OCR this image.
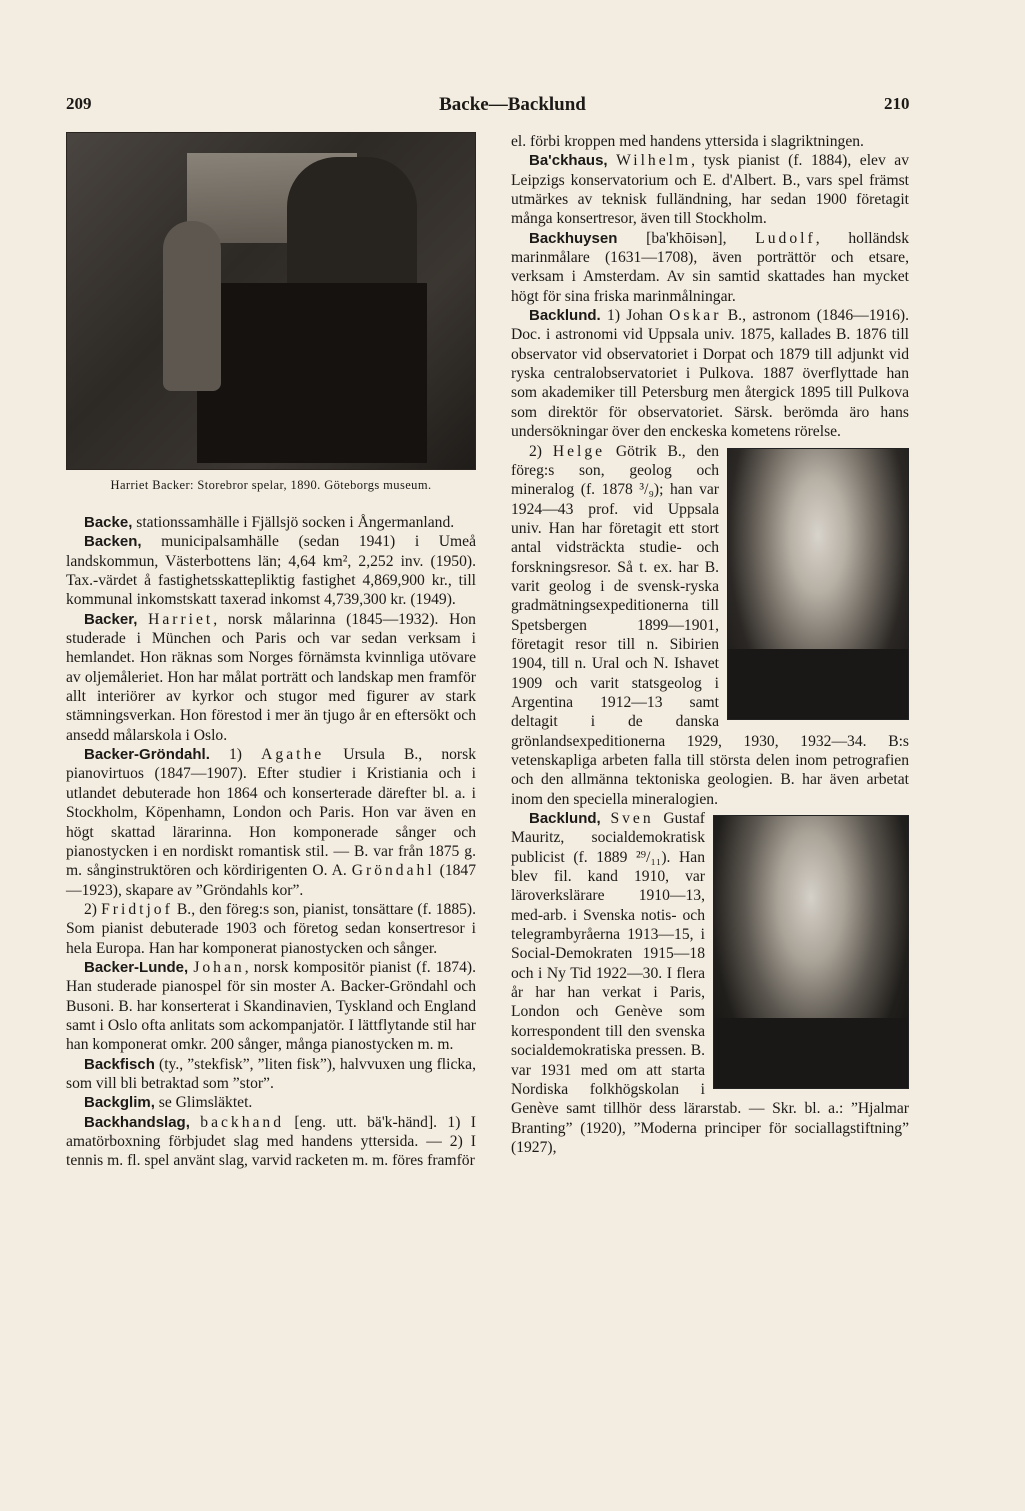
209	Backe—Backlund	210
Harriet Backer: Storebror spelar, 1890. Göteborgs museum.

Backe, stationssamhälle i Fjällsjö socken i Ångermanland.

Backen, municipalsamhälle (sedan 1941) i Umeå landskommun, Västerbottens län; 4,64 km², 2,252 inv. (1950). Tax.-värdet å fastighetsskattepliktig fastighet 4,869,900 kr., till kommunal inkomstskatt taxerad inkomst 4,739,300 kr. (1949).

Backer, Harriet, norsk målarinna (1845—1932). Hon studerade i München och Paris och var sedan verksam i hemlandet. Hon räknas som Norges förnämsta kvinnliga utövare av oljemåleriet. Hon har målat porträtt och landskap men framför allt interiörer av kyrkor och stugor med figurer av stark stämningsverkan. Hon förestod i mer än tjugo år en eftersökt och ansedd målarskola i Oslo.

Backer-Gröndahl. 1) Agathe Ursula B., norsk pianovirtuos (1847—1907). Efter studier i Kristiania och i utlandet debuterade hon 1864 och konserterade därefter bl. a. i Stockholm, Köpenhamn, London och Paris. Hon var även en högt skattad lärarinna. Hon komponerade sånger och pianostycken i en nordiskt romantisk stil. — B. var från 1875 g. m. sånginstruktören och kördirigenten O. A. Gröndahl (1847—1923), skapare av ”Gröndahls kor”.

2) Fridtjof B., den föreg:s son, pianist, tonsättare (f. 1885). Som pianist debuterade 1903 och företog sedan konsertresor i hela Europa. Han har komponerat pianostycken och sånger.

Backer-Lunde, Johan, norsk kompositör pianist (f. 1874). Han studerade pianospel för sin moster A. Backer-Gröndahl och Busoni. B. har konserterat i Skandinavien, Tyskland och England samt i Oslo ofta anlitats som ackompanjatör. I lättflytande stil har han komponerat omkr. 200 sånger, många pianostycken m. m.

Backfisch (ty., ”stekfisk”, ”liten fisk”), halvvuxen ung flicka, som vill bli betraktad som ”stor”.

Backglim, se Glimsläktet.

Backhandslag, backhand [eng. utt. bä'k-händ]. 1) I amatörboxning förbjudet slag med handens yttersida. — 2) I tennis m. fl. spel använt slag, varvid racketen m. m. föres framför

el. förbi kroppen med handens yttersida i slagriktningen.

Ba'ckhaus, Wilhelm, tysk pianist (f. 1884), elev av Leipzigs konservatorium och E. d'Albert. B., vars spel främst utmärkes av teknisk fulländning, har sedan 1900 företagit många konsertresor, även till Stockholm.

Backhuysen [ba'khōisən], Ludolf, holländsk marinmålare (1631—1708), även porträttör och etsare, verksam i Amsterdam. Av sin samtid skattades han mycket högt för sina friska marinmålningar.

Backlund. 1) Johan Oskar B., astronom (1846—1916). Doc. i astronomi vid Uppsala univ. 1875, kallades B. 1876 till observator vid observatoriet i Dorpat och 1879 till adjunkt vid ryska centralobservatoriet i Pulkova. 1887 överflyttade han som akademiker till Petersburg men återgick 1895 till Pulkova som direktör för observatoriet. Särsk. berömda äro hans undersökningar över den enckeska kometens rörelse.

2) Helge Götrik B., den föreg:s son, geolog och mineralog (f. 1878 ³/₉); han var 1924—43 prof. vid Uppsala univ. Han har företagit ett stort antal vidsträckta studie- och forskningsresor. Så t. ex. har B. varit geolog i de svensk-ryska gradmätningsexpeditionerna till Spetsbergen 1899—1901, företagit resor till n. Sibirien 1904, till n. Ural och N. Ishavet 1909 och varit statsgeolog i Argentina 1912—13 samt deltagit i de danska grönlandsexpeditionerna 1929, 1930, 1932—34. B:s vetenskapliga arbeten falla till största delen inom petrografien och den allmänna tektoniska geologien. B. har även arbetat inom den speciella mineralogien.

Backlund, Sven Gustaf Mauritz, socialdemokratisk publicist (f. 1889 ²⁹/₁₁). Han blev fil. kand 1910, var läroverkslärare 1910—13, med-arb. i Svenska notis- och telegrambyråerna 1913—15, i Social-Demokraten 1915—18 och i Ny Tid 1922—30. I flera år har han verkat i Paris, London och Genève som korrespondent till den svenska socialdemokratiska pressen. B. var 1931 med om att starta Nordiska folkhögskolan i Genève samt tillhör dess lärarstab. — Skr. bl. a.: ”Hjalmar Branting” (1920), ”Moderna principer för sociallagstiftning” (1927),
